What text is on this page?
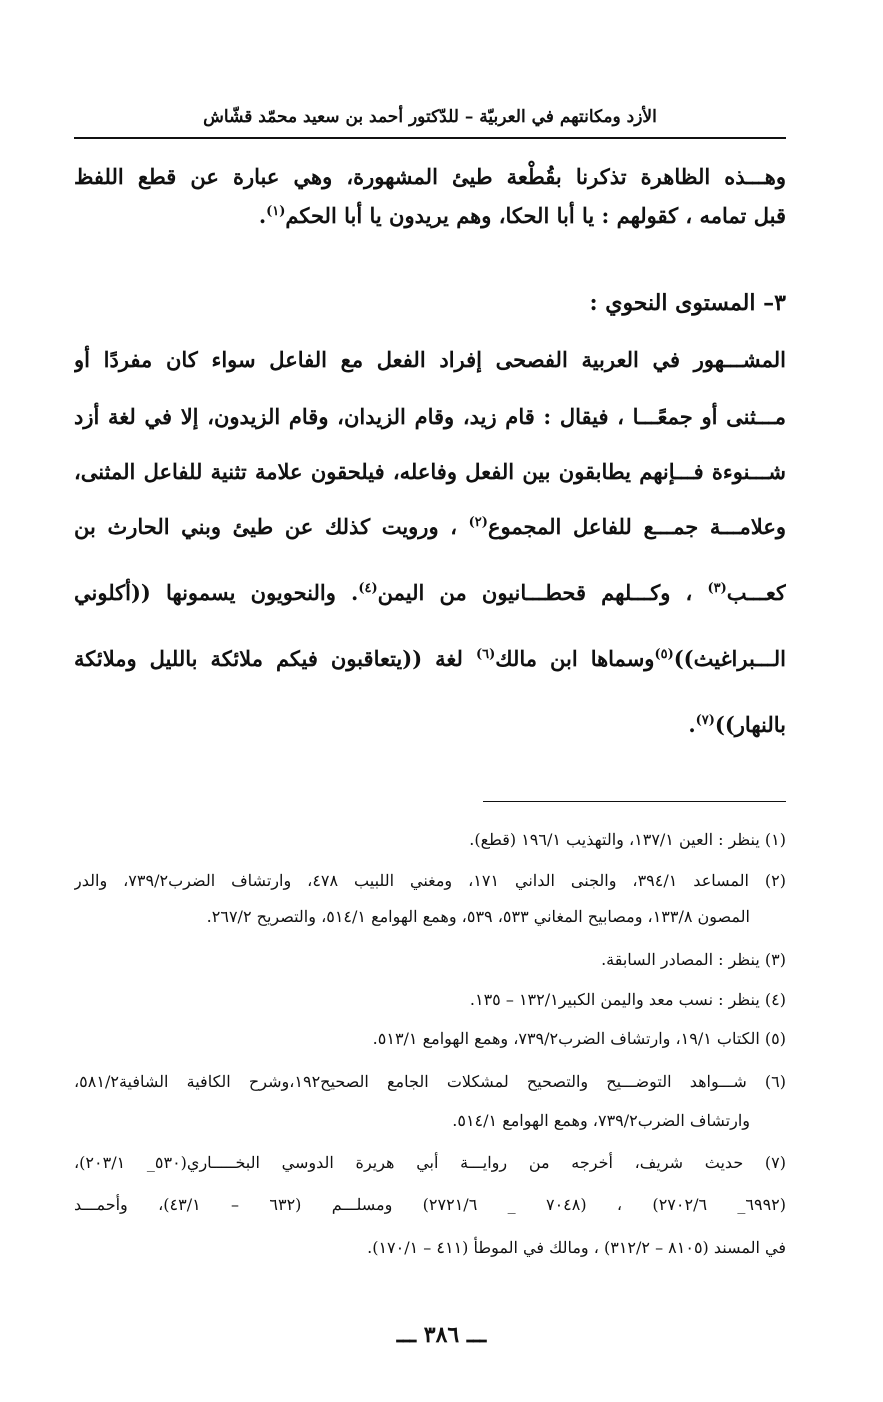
الأزد ومكانتهم في العربيّة – للدّكتور أحمد بن سعيد محمّد قشّاش
وهـــذه الظاهرة تذكرنا بقُطْعة طيئ المشهورة، وهي عبارة عن قطع اللفظ
قبل تمامه ، كقولهم : يا أبا الحكا، وهم يريدون يا أبا الحكم$^{(١)}$.
٣– المستوى النحوي :
المشـــهور في العربية الفصحى إفراد الفعل مع الفاعل سواء كان مفردًا أو
مـــثنى أو جمعًـــا ، فيقال : قام زيد، وقام الزيدان، وقام الزيدون، إلا في لغة أزد
شـــنوءة فـــإنهم يطابقون بين الفعل وفاعله، فيلحقون علامة تثنية للفاعل المثنى،
وعلامـــة جمـــع للفاعل المجموع$^{(٢)}$ ، ورويت كذلك عن طيئ وبني الحارث بن
كعـــب$^{(٣)}$ ، وكـــلهم قحطـــانيون من اليمن$^{(٤)}$. والنحويون يسمونها ((أكلوني
الـــبراغيث))$^{(٥)}$وسماها ابن مالك$^{(٦)}$ لغة ((يتعاقبون فيكم ملائكة بالليل وملائكة
بالنهار))$^{(٧)}$.
(١) ينظر : العين ١٣٧/١، والتهذيب ١٩٦/١ (قطع).
(٢) المساعد ٣٩٤/١، والجنى الداني ١٧١، ومغني اللبيب ٤٧٨، وارتشاف الضرب٧٣٩/٢، والدر
المصون ١٣٣/٨، ومصابيح المغاني ٥٣٣، ٥٣٩، وهمع الهوامع ٥١٤/١، والتصريح ٢٦٧/٢.
(٣) ينظر : المصادر السابقة.
(٤) ينظر : نسب معد واليمن الكبير١٣٢/١ – ١٣٥.
(٥) الكتاب ١٩/١، وارتشاف الضرب٧٣٩/٢، وهمع الهوامع ٥١٣/١.
(٦) شـــواهد التوضـــيح والتصحيح لمشكلات الجامع الصحيح١٩٢،وشرح الكافية الشافية٥٨١/٢،
وارتشاف الضرب٧٣٩/٢، وهمع الهوامع ٥١٤/١.
(٧) حديث شريف، أخرجه من روايـــة أبي هريرة الدوسي البخـــــاري(٥٣٠_ ٢٠٣/١)،
(٦٩٩٢_ ٢٧٠٢/٦) ، (٧٠٤٨ _ ٢٧٢١/٦) ومسلـــم (٦٣٢ – ٤٣/١)، وأحمـــد
في المسند (٨١٠٥ – ٣١٢/٢) ، ومالك في الموطأ (٤١١ – ١٧٠/١).
ـــ ٣٨٦ ـــ
